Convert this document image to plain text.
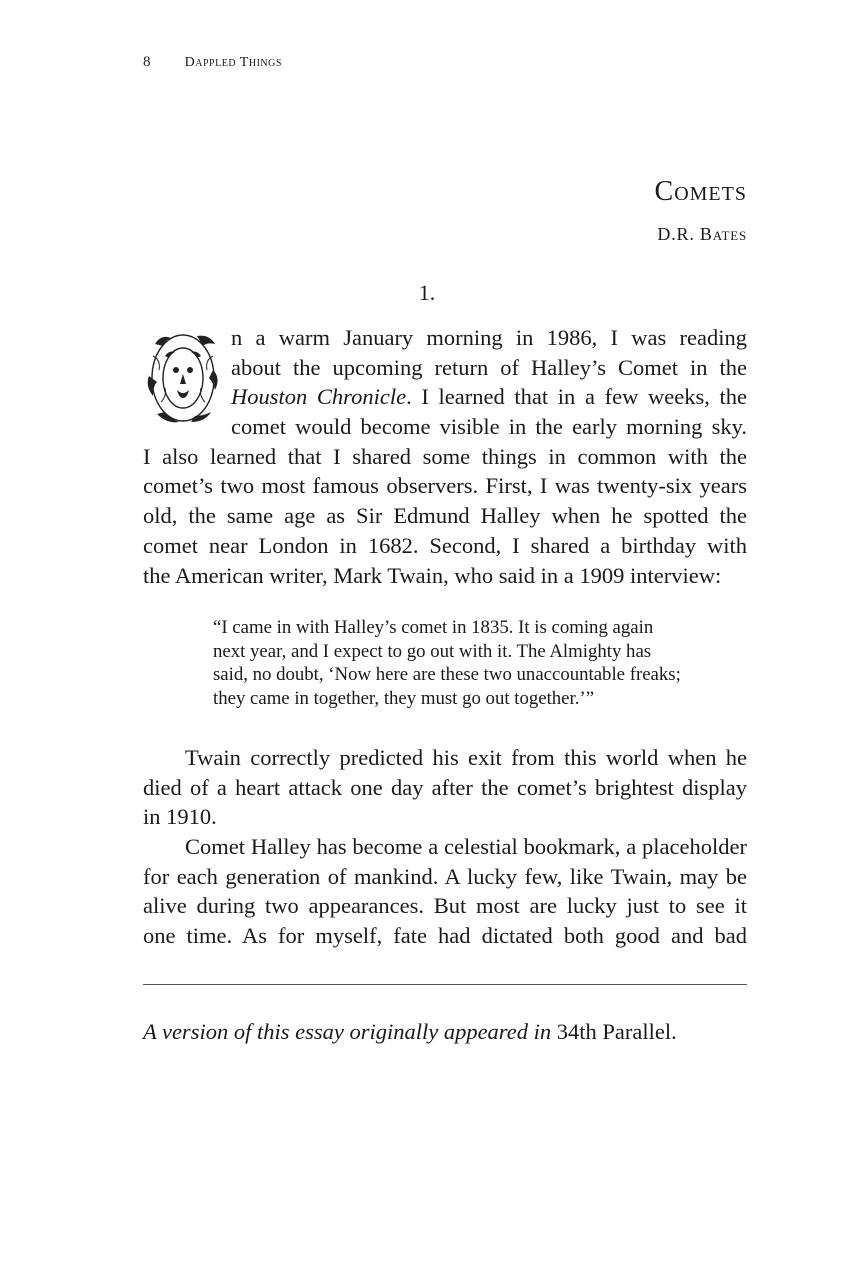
8 Dappled Things
Comets
D.R. Bates
1.
n a warm January morning in 1986, I was reading
about the upcoming return of Halley’s Comet in the
Houston Chronicle. I learned that in a few weeks, the
comet would become visible in the early morning sky.
I also learned that I shared some things in common with the
comet’s two most famous observers. First, I was twenty-six years
old, the same age as Sir Edmund Halley when he spotted the
comet near London in 1682. Second, I shared a birthday with
the American writer, Mark Twain, who said in a 1909 interview:
“I came in with Halley’s comet in 1835. It is coming again
next year, and I expect to go out with it. The Almighty has
said, no doubt, ‘Now here are these two unaccountable freaks;
they came in together, they must go out together.’”
Twain correctly predicted his exit from this world when he
died of a heart attack one day after the comet’s brightest display
in 1910.
Comet Halley has become a celestial bookmark, a placeholder
for each generation of mankind. A lucky few, like Twain, may be
alive during two appearances. But most are lucky just to see it
one time. As for myself, fate had dictated both good and bad
A version of this essay originally appeared in 34th Parallel.
